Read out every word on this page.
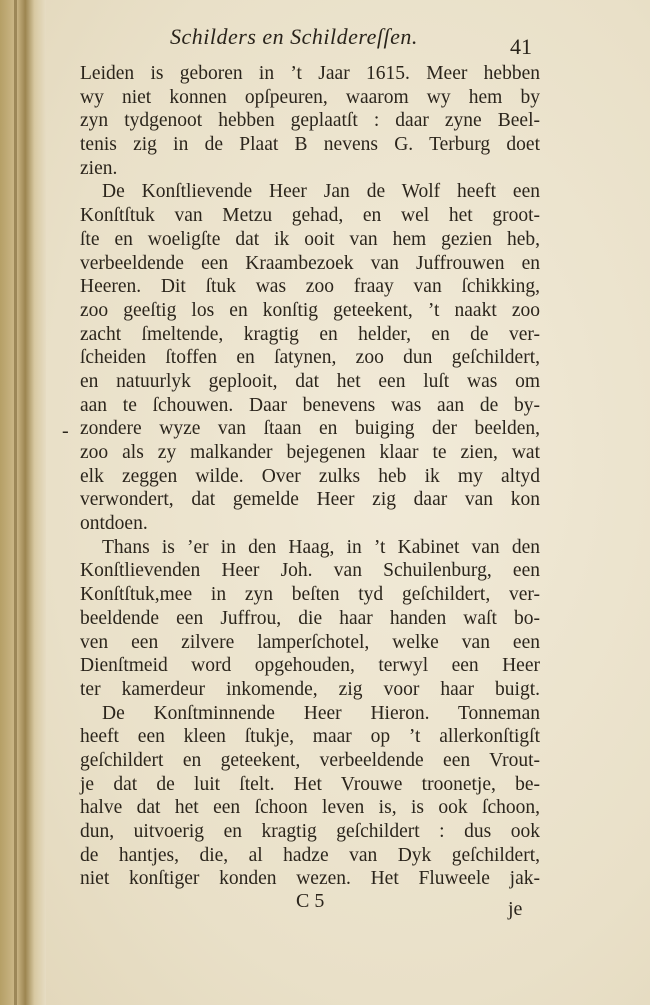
Schilders en Schildereſſen.	41
Leiden is geboren in ’t Jaar 1615. Meer hebben
wy niet konnen opſpeuren, waarom wy hem by
zyn tydgenoot hebben geplaatſt : daar zyne Beel-
tenis zig in de Plaat B nevens G. Terburg doet
zien.
De Konſtlievende Heer Jan de Wolf heeft een
Konſtſtuk van Metzu gehad, en wel het groot-
ſte en woeligſte dat ik ooit van hem gezien heb,
verbeeldende een Kraambezoek van Juffrouwen en
Heeren. Dit ſtuk was zoo fraay van ſchikking,
zoo geeſtig los en konſtig geteekent, ’t naakt zoo
zacht ſmeltende, kragtig en helder, en de ver-
ſcheiden ſtoffen en ſatynen, zoo dun geſchildert,
en natuurlyk geplooit, dat het een luſt was om
aan te ſchouwen. Daar benevens was aan de by-
zondere wyze van ſtaan en buiging der beelden,
zoo als zy malkander bejegenen klaar te zien, wat
elk zeggen wilde. Over zulks heb ik my altyd
verwondert, dat gemelde Heer zig daar van kon
ontdoen.
Thans is ’er in den Haag, in ’t Kabinet van den
Konſtlievenden Heer Joh. van Schuilenburg, een
Konſtſtuk,mee in zyn beſten tyd geſchildert, ver-
beeldende een Juffrou, die haar handen waſt bo-
ven een zilvere lamperſchotel, welke van een
Dienſtmeid word opgehouden, terwyl een Heer
ter kamerdeur inkomende, zig voor haar buigt.
De Konſtminnende Heer Hieron. Tonneman
heeft een kleen ſtukje, maar op ’t allerkonſtigſt
geſchildert en geteekent, verbeeldende een Vrout-
je dat de luit ſtelt. Het Vrouwe troonetje, be-
halve dat het een ſchoon leven is, is ook ſchoon,
dun, uitvoerig en kragtig geſchildert : dus ook
de hantjes, die, al hadze van Dyk geſchildert,
niet konſtiger konden wezen. Het Fluweele jak-
-
C 5	je
